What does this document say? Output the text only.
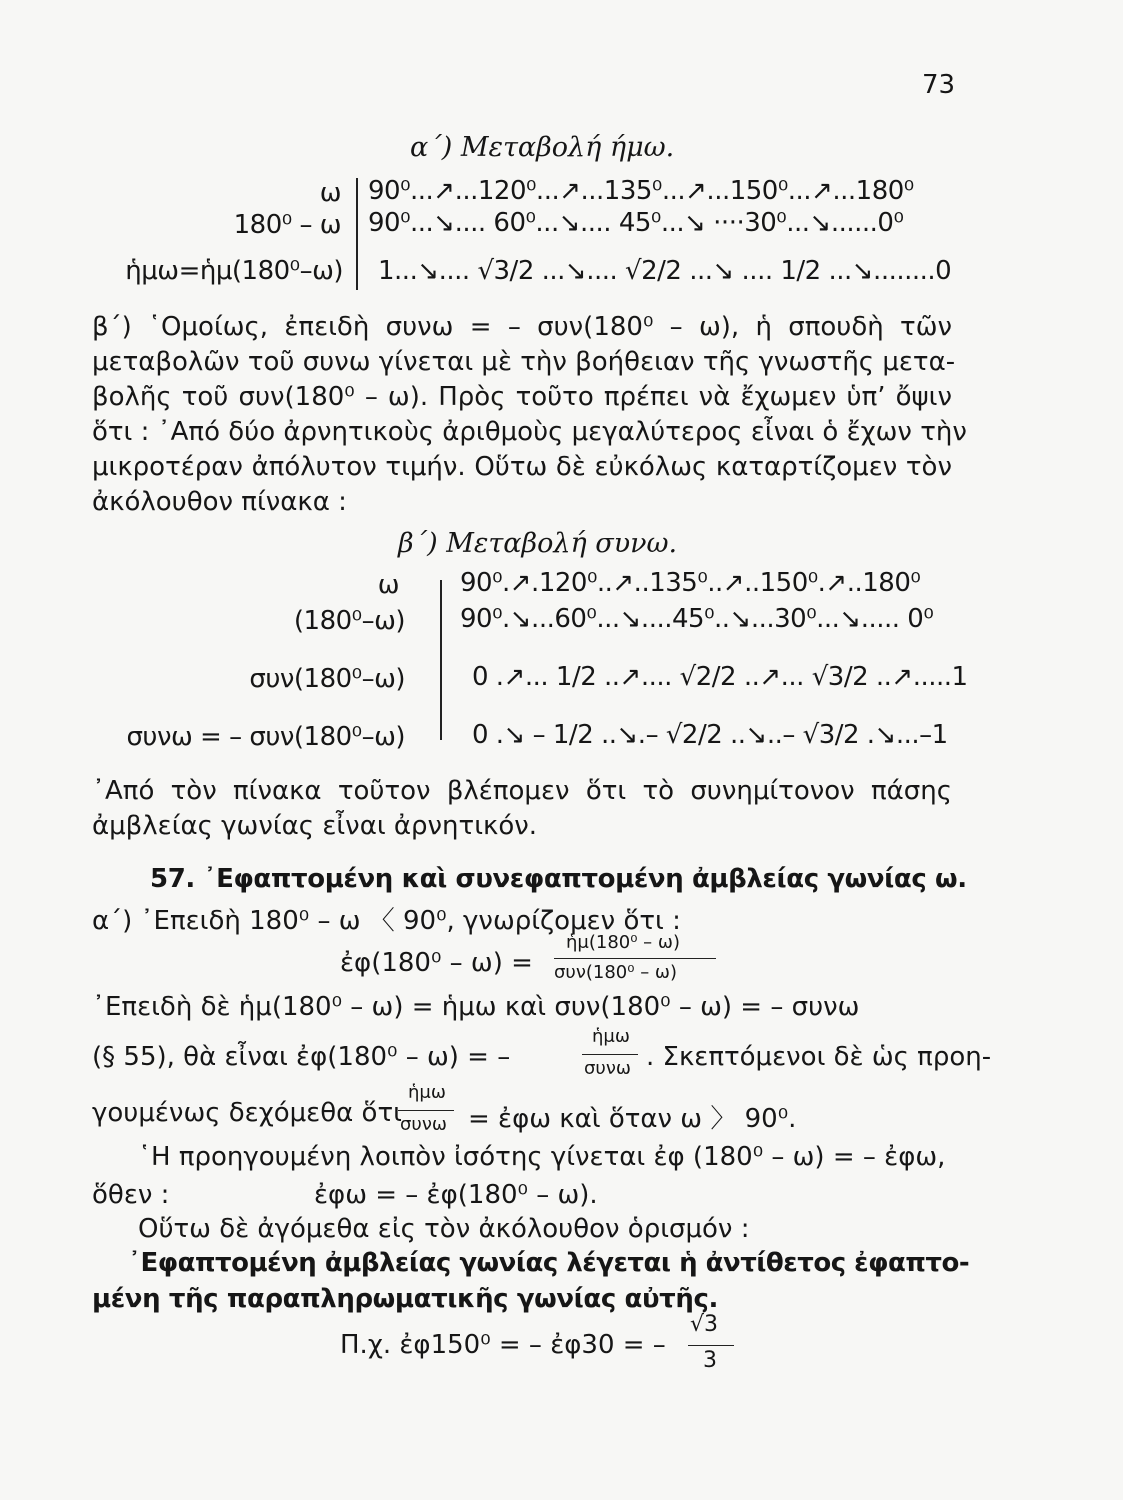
73
α΄) Μεταβολή ήμω.
ω
180⁰ – ω
ἡμω=ἡμ(180⁰–ω)
90⁰...↗...120⁰...↗...135⁰...↗...150⁰...↗...180⁰
90⁰...↘.... 60⁰...↘.... 45⁰...↘ ····30⁰...↘......0⁰
1...↘.... √3/2 ...↘.... √2/2 ...↘ .... 1/2 ...↘........0
β΄) ῾Ομοίως, ἐπειδὴ συνω = – συν(180⁰ – ω), ἡ σπουδὴ τῶν
μεταβολῶν τοῦ συνω γίνεται μὲ τὴν βοήθειαν τῆς γνωστῆς μετα-
βολῆς τοῦ συν(180⁰ – ω). Πρὸς τοῦτο πρέπει νὰ ἔχωμεν ὑπ’ ὄψιν
ὅτι : ᾿Από δύο ἀρνητικοὺς ἀριθμοὺς μεγαλύτερος εἶναι ὁ ἔχων τὴν
μικροτέραν ἀπόλυτον τιμήν. Οὕτω δὲ εὐκόλως καταρτίζομεν τὸν
ἀκόλουθον πίνακα :
β΄) Μεταβολή συνω.
ω
(180⁰–ω)
συν(180⁰–ω)
συνω = – συν(180⁰–ω)
90⁰.↗.120⁰..↗..135⁰..↗..150⁰.↗..180⁰
90⁰.↘...60⁰...↘....45⁰..↘...30⁰...↘..... 0⁰
0 .↗... 1/2 ..↗.... √2/2 ..↗... √3/2 ..↗.....1
0 .↘ – 1/2 ..↘.– √2/2 ..↘..– √3/2 .↘...–1
᾿Από τὸν πίνακα τοῦτον βλέπομεν ὅτι τὸ συνημίτονον πάσης
ἀμβλείας γωνίας εἶναι ἀρνητικόν.
57. ᾿Εφαπτομένη καὶ συνεφαπτομένη ἀμβλείας γωνίας ω.
α΄) ᾿Επειδὴ 180⁰ – ω 〈 90⁰, γνωρίζομεν ὅτι :
ἐφ(180⁰ – ω) =
ἡμ(180⁰ – ω)
συν(180⁰ – ω)
᾿Επειδὴ δὲ ἡμ(180⁰ – ω) = ἡμω καὶ συν(180⁰ – ω) = – συνω
(§ 55), θὰ εἶναι ἐφ(180⁰ – ω) = –
ἡμω
συνω . Σκεπτόμενοι δὲ ὡς προη-
γουμένως δεχόμεθα ὅτι
ἡμω
συνω = ἐφω καὶ ὅταν ω 〉 90⁰.
῾Η προηγουμένη λοιπὸν ἰσότης γίνεται ἐφ (180⁰ – ω) = – ἐφω,
ὅθεν :	ἐφω = – ἐφ(180⁰ – ω).
Οὕτω δὲ ἀγόμεθα εἰς τὸν ἀκόλουθον ὁρισμόν :
᾿Εφαπτομένη ἀμβλείας γωνίας λέγεται ἡ ἀντίθετος ἐφαπτο-
μένη τῆς παραπληρωματικῆς γωνίας αὐτῆς.
Π.χ. ἐφ150⁰ = – ἐφ30 = –
√3
3
